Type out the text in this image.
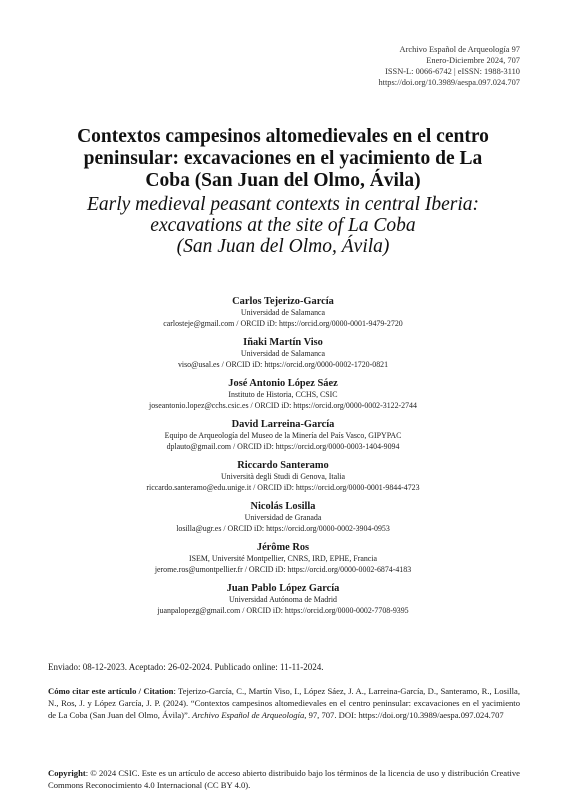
Archivo Español de Arqueología 97
Enero-Diciembre 2024, 707
ISSN-L: 0066-6742 | eISSN: 1988-3110
https://doi.org/10.3989/aespa.097.024.707
Contextos campesinos altomedievales en el centro
peninsular: excavaciones en el yacimiento de La
Coba (San Juan del Olmo, Ávila)
Early medieval peasant contexts in central Iberia:
excavations at the site of La Coba
(San Juan del Olmo, Ávila)
Carlos Tejerizo-García
Universidad de Salamanca
carlosteje@gmail.com / ORCID iD: https://orcid.org/0000-0001-9479-2720
Iñaki Martín Viso
Universidad de Salamanca
viso@usal.es / ORCID iD: https://orcid.org/0000-0002-1720-0821
José Antonio López Sáez
Instituto de Historia, CCHS, CSIC
joseantonio.lopez@cchs.csic.es / ORCID iD: https://orcid.org/0000-0002-3122-2744
David Larreina-García
Equipo de Arqueología del Museo de la Minería del País Vasco, GIPYPAC
dplauto@gmail.com / ORCID iD: https://orcid.org/0000-0003-1404-9094
Riccardo Santeramo
Università degli Studi di Genova, Italia
riccardo.santeramo@edu.unige.it / ORCID iD: https://orcid.org/0000-0001-9844-4723
Nicolás Losilla
Universidad de Granada
losilla@ugr.es / ORCID iD: https://orcid.org/0000-0002-3904-0953
Jérôme Ros
ISEM, Université Montpellier, CNRS, IRD, EPHE, Francia
jerome.ros@umontpellier.fr / ORCID iD: https://orcid.org/0000-0002-6874-4183
Juan Pablo López García
Universidad Autónoma de Madrid
juanpalopezg@gmail.com / ORCID iD: https://orcid.org/0000-0002-7708-9395
Enviado: 08-12-2023. Aceptado: 26-02-2024. Publicado online: 11-11-2024.
Cómo citar este artículo / Citation: Tejerizo-García, C., Martín Viso, I., López Sáez, J. A., Larreina-García, D., Santeramo, R., Losilla, N., Ros, J. y López García, J. P. (2024). “Contextos campesinos altomedievales en el centro peninsular: excavaciones en el yacimiento de La Coba (San Juan del Olmo, Ávila)”. Archivo Español de Arqueología, 97, 707. DOI: https://doi.org/10.3989/aespa.097.024.707
Copyright: © 2024 CSIC. Este es un artículo de acceso abierto distribuido bajo los términos de la licencia de uso y distribución Creative Commons Reconocimiento 4.0 Internacional (CC BY 4.0).
